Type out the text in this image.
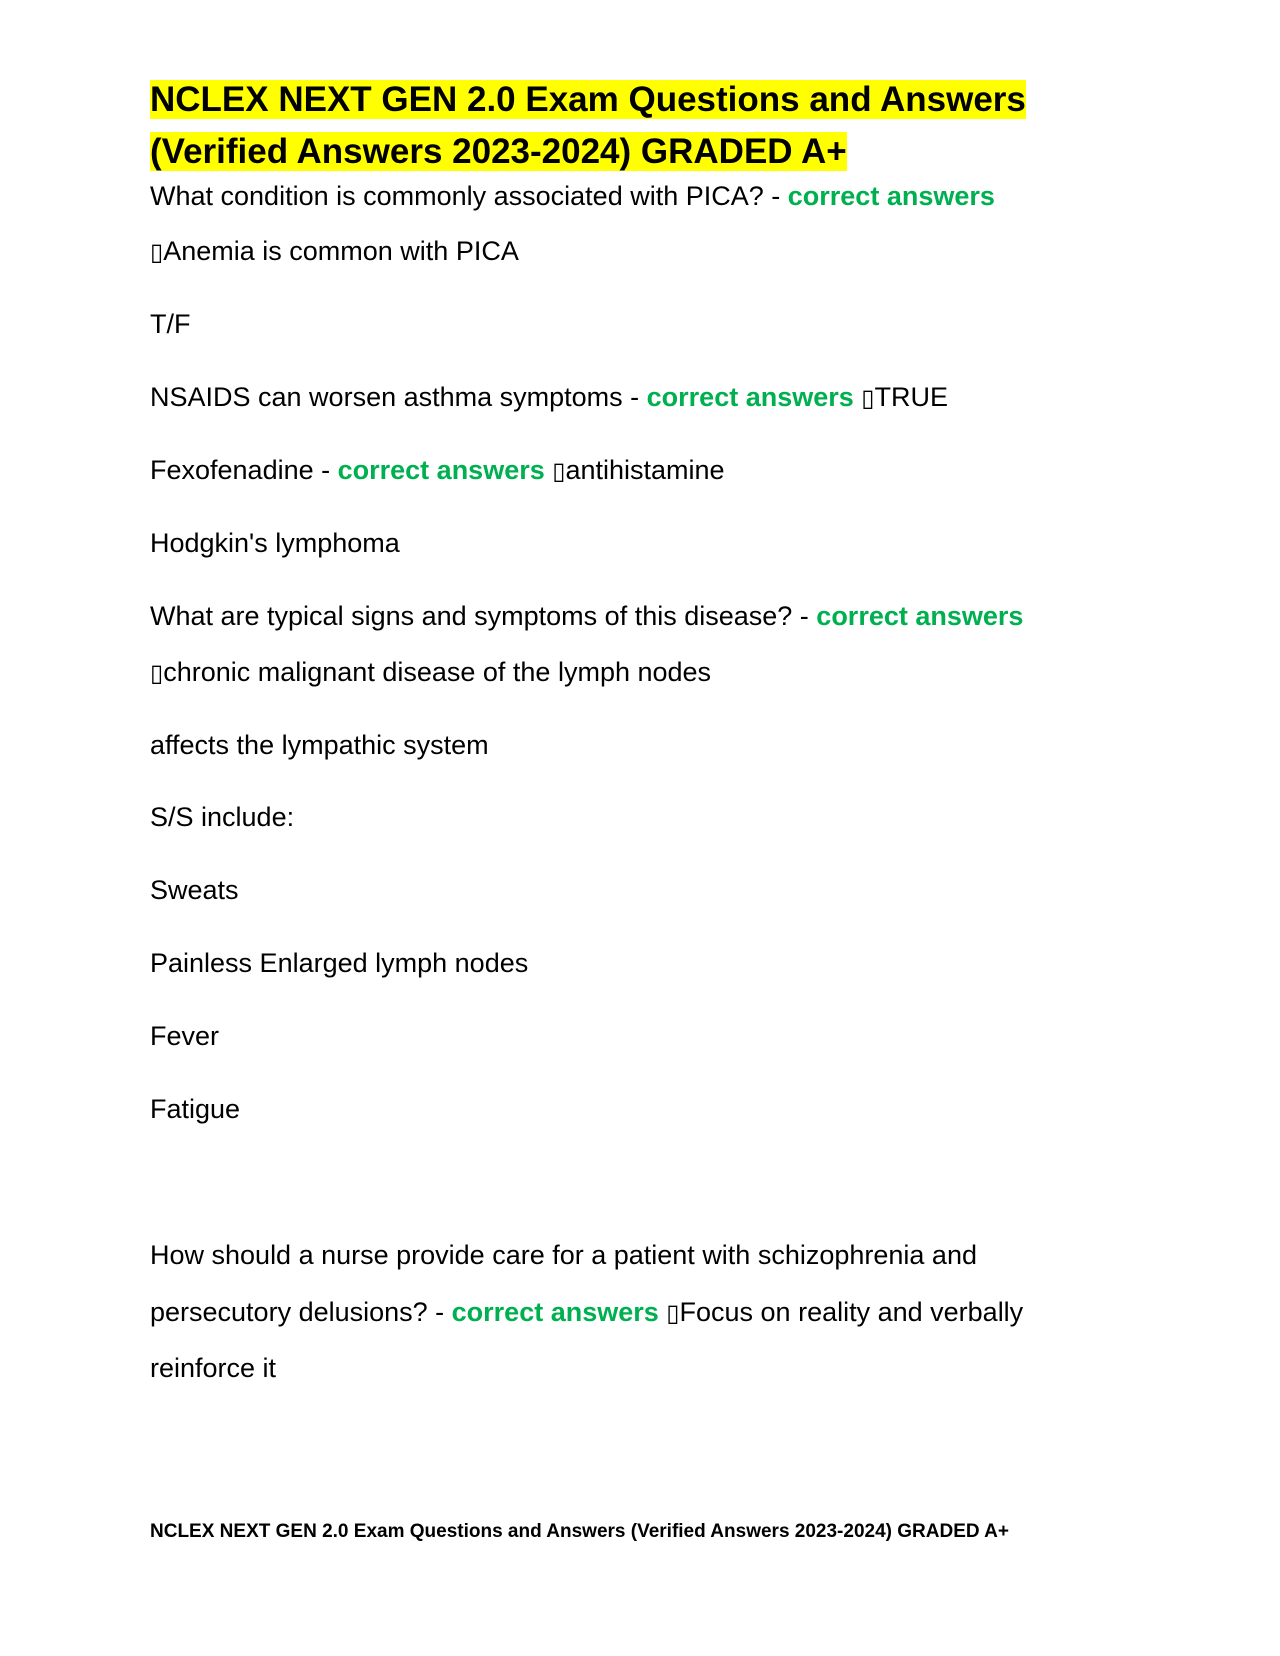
NCLEX NEXT GEN 2.0 Exam Questions and Answers
(Verified Answers 2023-2024) GRADED A+

What condition is commonly associated with PICA? - correct answers

▯Anemia is common with PICA

T/F

NSAIDS can worsen asthma symptoms - correct answers ▯TRUE

Fexofenadine - correct answers ▯antihistamine

Hodgkin's lymphoma

What are typical signs and symptoms of this disease? - correct answers

▯chronic malignant disease of the lymph nodes

affects the lympathic system

S/S include:

Sweats

Painless Enlarged lymph nodes

Fever

Fatigue

How should a nurse provide care for a patient with schizophrenia and

persecutory delusions? - correct answers ▯Focus on reality and verbally

reinforce it

NCLEX NEXT GEN 2.0 Exam Questions and Answers (Verified Answers 2023-2024) GRADED A+
